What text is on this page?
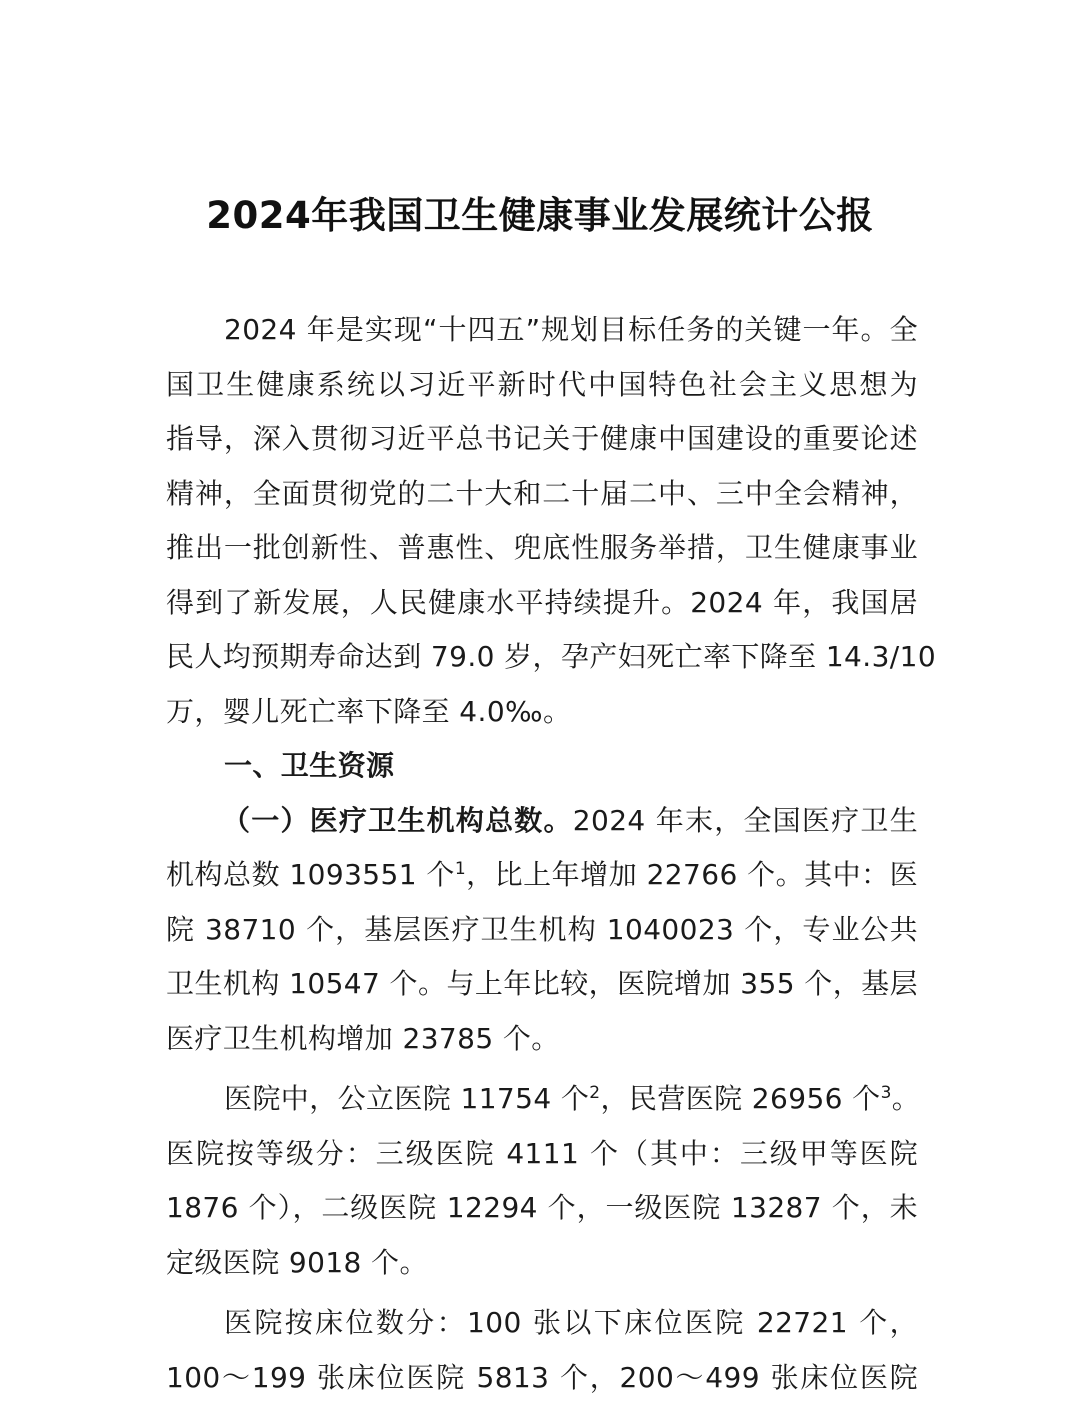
2024年我国卫生健康事业发展统计公报
2024 年是实现“十四五”规划目标任务的关键一年。全
国卫生健康系统以习近平新时代中国特色社会主义思想为
指导，深入贯彻习近平总书记关于健康中国建设的重要论述
精神，全面贯彻党的二十大和二十届二中、三中全会精神，
推出一批创新性、普惠性、兜底性服务举措，卫生健康事业
得到了新发展，人民健康水平持续提升。2024 年，我国居
民人均预期寿命达到 79.0 岁，孕产妇死亡率下降至 14.3/10
万，婴儿死亡率下降至 4.0‰。
一、卫生资源
（一）医疗卫生机构总数。2024 年末，全国医疗卫生
机构总数 1093551 个$^1$，比上年增加 22766 个。其中：医
院 38710 个，基层医疗卫生机构 1040023 个，专业公共
卫生机构 10547 个。与上年比较，医院增加 355 个，基层
医疗卫生机构增加 23785 个。
医院中，公立医院 11754 个$^2$，民营医院 26956 个$^3$。
医院按等级分：三级医院 4111 个（其中：三级甲等医院
1876 个），二级医院 12294 个，一级医院 13287 个，未
定级医院 9018 个。
医院按床位数分：100 张以下床位医院 22721 个，
100～199 张床位医院 5813 个，200～499 张床位医院
